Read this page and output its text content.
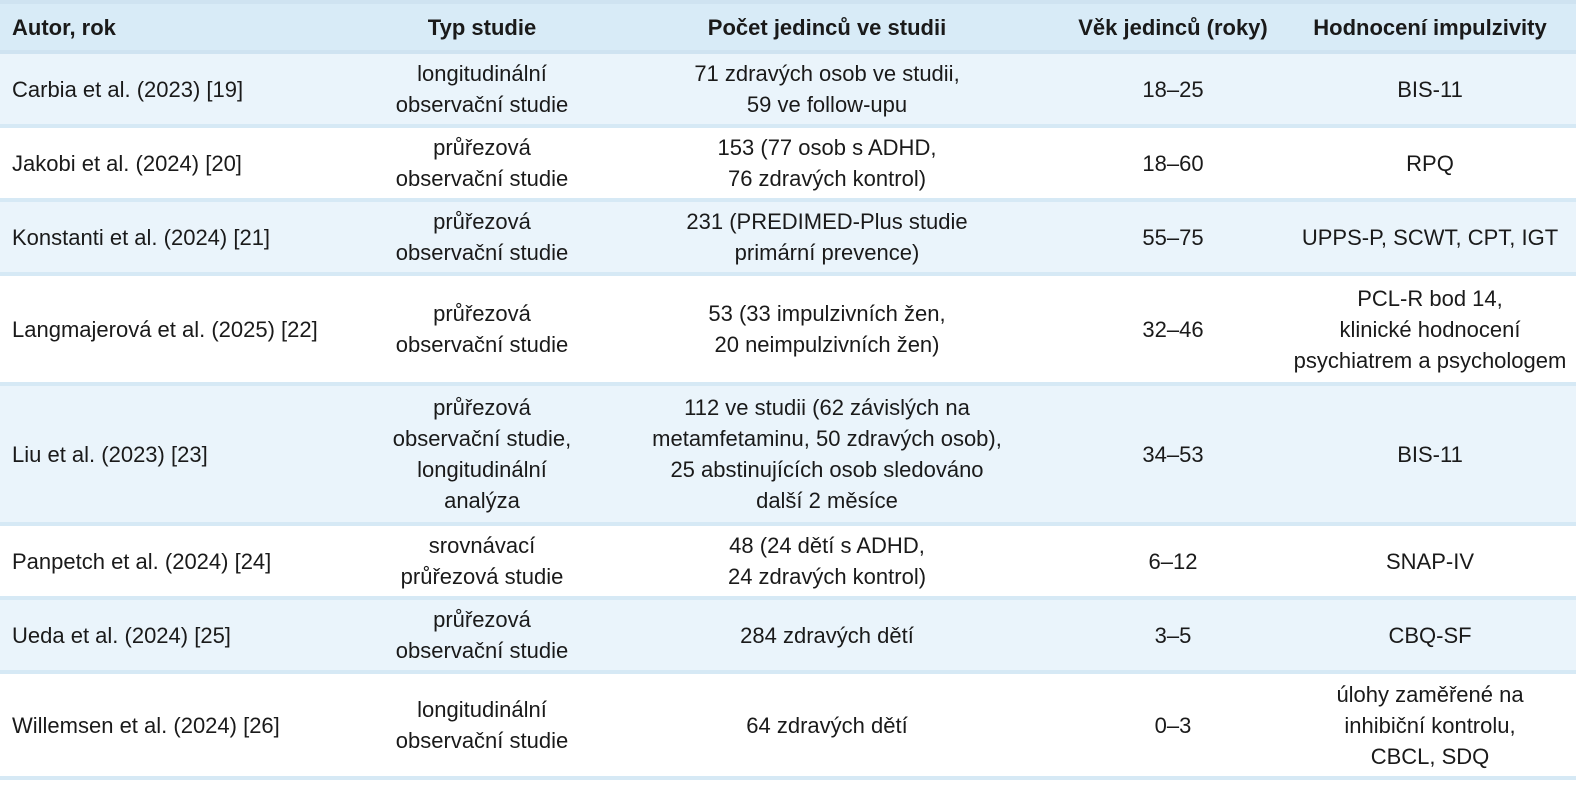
Autor, rok	Typ studie	Počet jedinců ve studii	Věk jedinců (roky)	Hodnocení impulzivity
Carbia et al. (2023) [19]	longitudinální
observační studie	71 zdravých osob ve studii,
59 ve follow-upu	18–25	BIS-11

Jakobi et al. (2024) [20]	průřezová
observační studie	153 (77 osob s ADHD,
76 zdravých kontrol)	18–60	RPQ

Konstanti et al. (2024) [21]	průřezová
observační studie	231 (PREDIMED-Plus studie
primární prevence)	55–75	UPPS-P, SCWT, CPT, IGT

Langmajerová et al. (2025) [22]	průřezová
observační studie	53 (33 impulzivních žen,
20 neimpulzivních žen)	32–46	PCL-R bod 14,
klinické hodnocení
psychiatrem a psychologem

Liu et al. (2023) [23]	průřezová
observační studie,
longitudinální
analýza	112 ve studii (62 závislých na
metamfetaminu, 50 zdravých osob),
25 abstinujících osob sledováno
další 2 měsíce	34–53	BIS-11

Panpetch et al. (2024) [24]	srovnávací
průřezová studie	48 (24 dětí s ADHD,
24 zdravých kontrol)	6–12	SNAP-IV

Ueda et al. (2024) [25]	průřezová
observační studie	284 zdravých dětí	3–5	CBQ-SF

Willemsen et al. (2024) [26]	longitudinální
observační studie	64 zdravých dětí	0–3	úlohy zaměřené na
inhibiční kontrolu,
CBCL, SDQ
